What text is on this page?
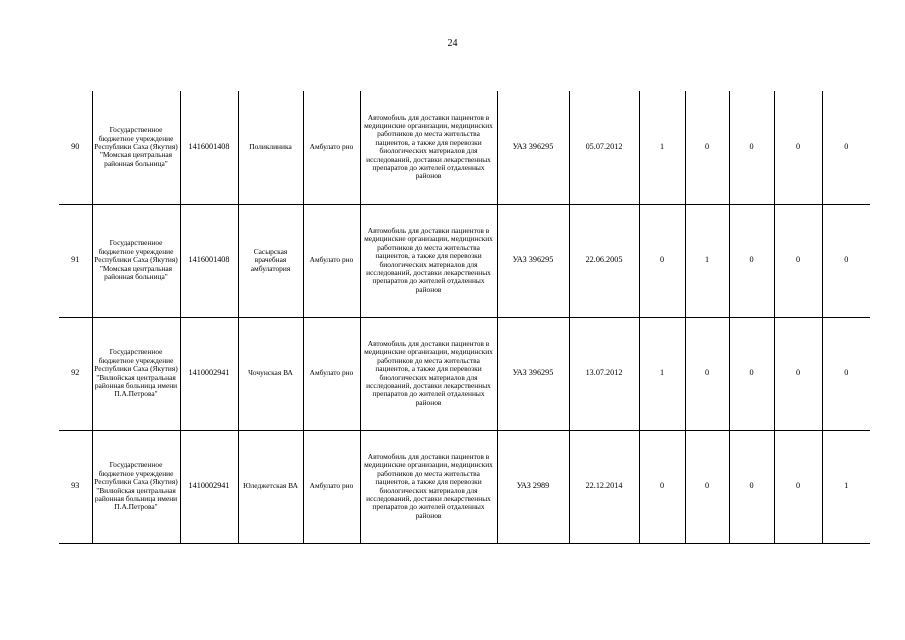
24
90	Государственное бюджетное учреждение Республики Саха (Якутия) "Момская центральная районная больница"	1416001408	Поликлиника	Амбулато рно	Автомобиль для доставки пациентов в медицинские организации, медицинских работников до места жительства пациентов, а также для перевозки биологических материалов для исследований, доставки лекарственных препаратов до жителей отдаленных районов	УАЗ 396295	05.07.2012	1	0	0	0	0
91	Государственное бюджетное учреждение Республики Саха (Якутия) "Момская центральная районная больница"	1416001408	Сасырская врачебная амбулатория	Амбулато рно	Автомобиль для доставки пациентов в медицинские организации, медицинских работников до места жительства пациентов, а также для перевозки биологических материалов для исследований, доставки лекарственных препаратов до жителей отдаленных районов	УАЗ 396295	22.06.2005	0	1	0	0	0
92	Государственное бюджетное учреждение Республики Саха (Якутия) "Вилюйская центральная районная больница имени П.А.Петрова"	1410002941	Чочунская ВА	Амбулато рно	Автомобиль для доставки пациентов в медицинские организации, медицинских работников до места жительства пациентов, а также для перевозки биологических материалов для исследований, доставки лекарственных препаратов до жителей отдаленных районов	УАЗ 396295	13.07.2012	1	0	0	0	0
93	Государственное бюджетное учреждение Республики Саха (Якутия) "Вилюйская центральная районная больница имени П.А.Петрова"	1410002941	Юледжетская ВА	Амбулато рно	Автомобиль для доставки пациентов в медицинские организации, медицинских работников до места жительства пациентов, а также для перевозки биологических материалов для исследований, доставки лекарственных препаратов до жителей отдаленных районов	УАЗ 2989	22.12.2014	0	0	0	0	1
